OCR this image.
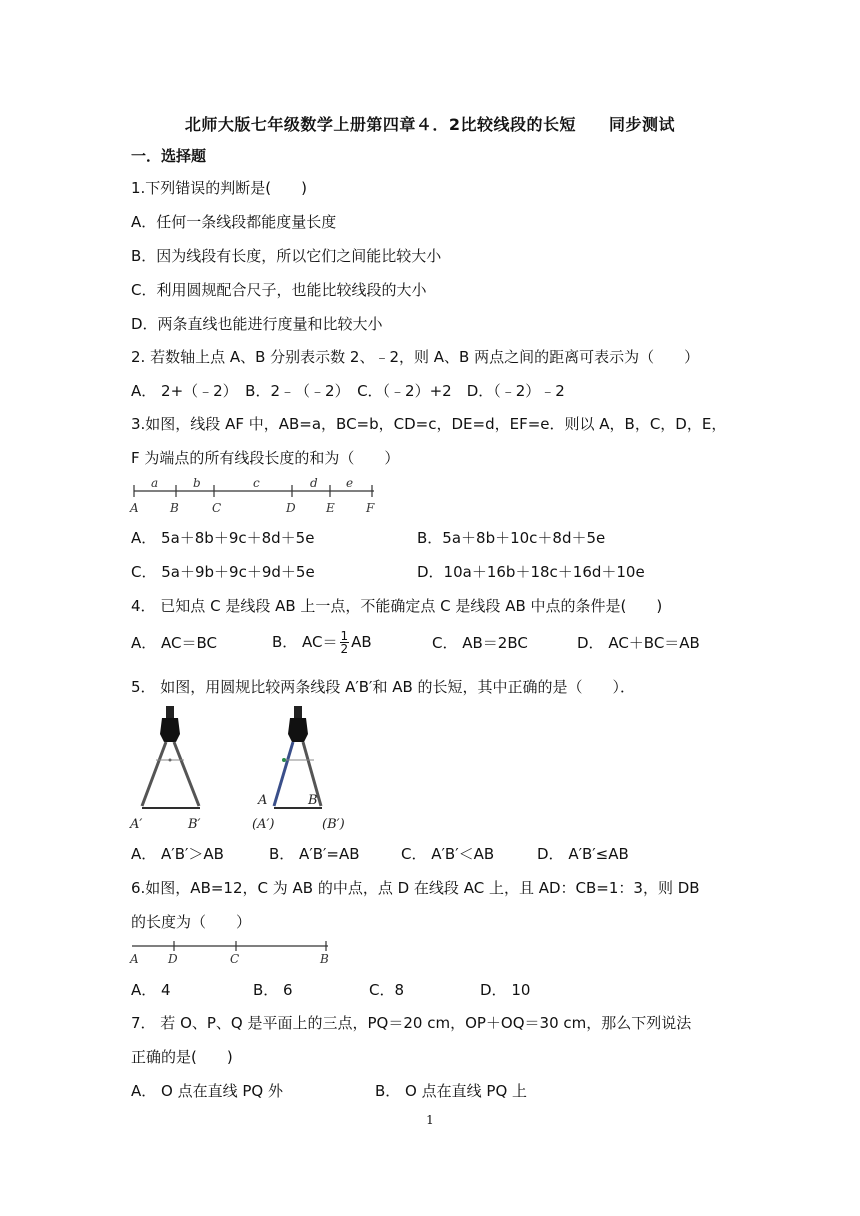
北师大版七年级数学上册第四章４．2比较线段的长短　　同步测试
一．选择题
1.下列错误的判断是(　　)
A．任何一条线段都能度量长度
B．因为线段有长度，所以它们之间能比较大小
C．利用圆规配合尺子，也能比较线段的大小
D．两条直线也能进行度量和比较大小
2. 若数轴上点 A、B 分别表示数 2、﹣2，则 A、B 两点之间的距离可表示为（　　）
A． 2+（﹣2）　B．2﹣（﹣2）　C．（﹣2）+2　D．（﹣2）﹣2
3.如图，线段 AF 中，AB=a，BC=b，CD=c，DE=d，EF=e．则以 A，B，C，D，E，
F 为端点的所有线段长度的和为（　　）
a	b	c	d e
A	B	C	D	E	F
A． 5a＋8b＋9c＋8d＋5e	B．5a＋8b＋10c＋8d＋5e
C． 5a＋9b＋9c＋9d＋5e	D．10a＋16b＋18c＋16d＋10e
4． 已知点 C 是线段 AB 上一点，不能确定点 C 是线段 AB 中点的条件是(　　)
A． AC＝BC	B． $AC= \frac{1}{2}$ AB	C． AB＝2BC	D． AC＋BC＝AB
5． 如图，用圆规比较两条线段 A′B′和 AB 的长短，其中正确的是（　　）．
A′	B′
A	B
(A′)	(B′)
A． A′B′＞AB	B． A′B′=AB	C． A′B′＜AB	D． A′B′≤AB
6.如图，AB=12，C 为 AB 的中点，点 D 在线段 AC 上，且 AD：CB=1：3，则 DB
的长度为（　　）
A D	C	B
A． 4	B． 6	C．8	D． 10
7． 若 O、P、Q 是平面上的三点，PQ＝20 cm，OP＋OQ＝30 cm，那么下列说法
正确的是(　　)
A． O 点在直线 PQ 外	B． O 点在直线 PQ 上
1
